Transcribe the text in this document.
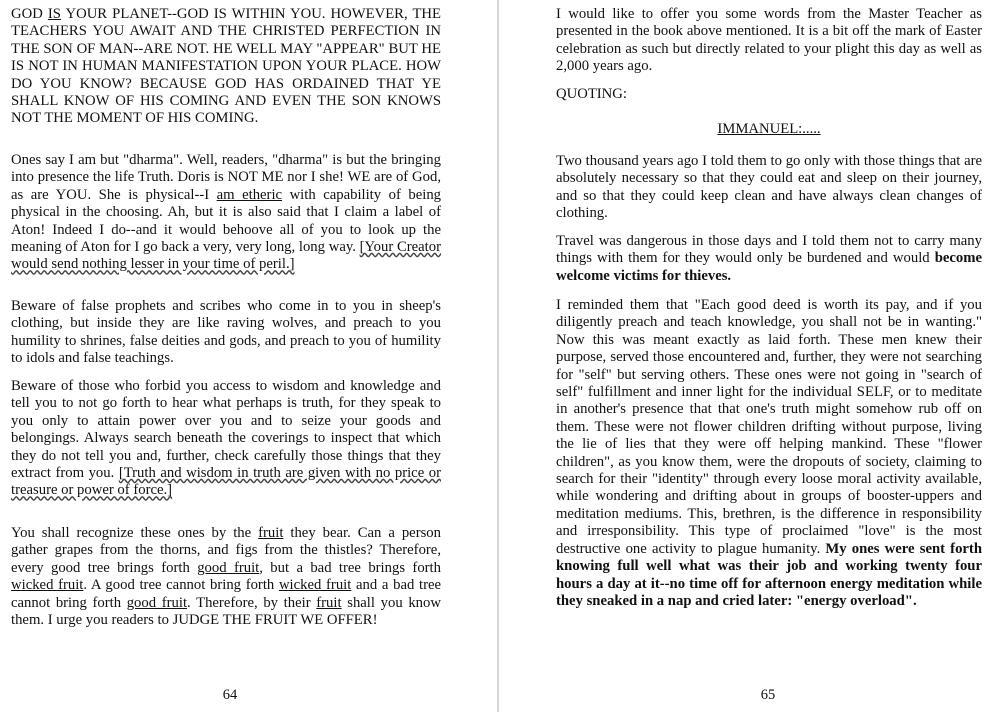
GOD IS YOUR PLANET--GOD IS WITHIN YOU. HOWEVER, THE TEACHERS YOU AWAIT AND THE CHRISTED PERFECTION IN THE SON OF MAN--ARE NOT. HE WELL MAY "APPEAR" BUT HE IS NOT IN HUMAN MANIFESTATION UPON YOUR PLACE. HOW DO YOU KNOW? BECAUSE GOD HAS ORDAINED THAT YE SHALL KNOW OF HIS COMING AND EVEN THE SON KNOWS NOT THE MOMENT OF HIS COMING.

Ones say I am but "dharma". Well, readers, "dharma" is but the bringing into presence the life Truth. Doris is NOT ME nor I she! WE are of God, as are YOU. She is physical--I am etheric with capability of being physical in the choosing. Ah, but it is also said that I claim a label of Aton! Indeed I do--and it would behoove all of you to look up the meaning of Aton for I go back a very, very long, long way. [Your Creator would send nothing lesser in your time of peril.]

Beware of false prophets and scribes who come in to you in sheep's clothing, but inside they are like raving wolves, and preach to you humility to shrines, false deities and gods, and preach to you of humility to idols and false teachings.

Beware of those who forbid you access to wisdom and knowledge and tell you to not go forth to hear what perhaps is truth, for they speak to you only to attain power over you and to seize your goods and belongings. Always search beneath the coverings to inspect that which they do not tell you and, further, check carefully those things that they extract from you. [Truth and wisdom in truth are given with no price or treasure or power of force.]

You shall recognize these ones by the fruit they bear. Can a person gather grapes from the thorns, and figs from the thistles? Therefore, every good tree brings forth good fruit, but a bad tree brings forth wicked fruit. A good tree cannot bring forth wicked fruit and a bad tree cannot bring forth good fruit. Therefore, by their fruit shall you know them. I urge you readers to JUDGE THE FRUIT WE OFFER!

64

I would like to offer you some words from the Master Teacher as presented in the book above mentioned. It is a bit off the mark of Easter celebration as such but directly related to your plight this day as well as 2,000 years ago.

QUOTING:

IMMANUEL:.....

Two thousand years ago I told them to go only with those things that are absolutely necessary so that they could eat and sleep on their journey, and so that they could keep clean and have always clean changes of clothing.

Travel was dangerous in those days and I told them not to carry many things with them for they would only be burdened and would become welcome victims for thieves.

I reminded them that "Each good deed is worth its pay, and if you diligently preach and teach knowledge, you shall not be in wanting." Now this was meant exactly as laid forth. These men knew their purpose, served those encountered and, further, they were not searching for "self" but serving others. These ones were not going in "search of self" fulfillment and inner light for the individual SELF, or to meditate in another's presence that that one's truth might somehow rub off on them. These were not flower children drifting without purpose, living the lie of lies that they were off helping mankind. These "flower children", as you know them, were the dropouts of society, claiming to search for their "identity" through every loose moral activity available, while wondering and drifting about in groups of booster-uppers and meditation mediums. This, brethren, is the difference in responsibility and irresponsibility. This type of proclaimed "love" is the most destructive one activity to plague humanity. My ones were sent forth knowing full well what was their job and working twenty four hours a day at it--no time off for afternoon energy meditation while they sneaked in a nap and cried later: "energy overload".

65
